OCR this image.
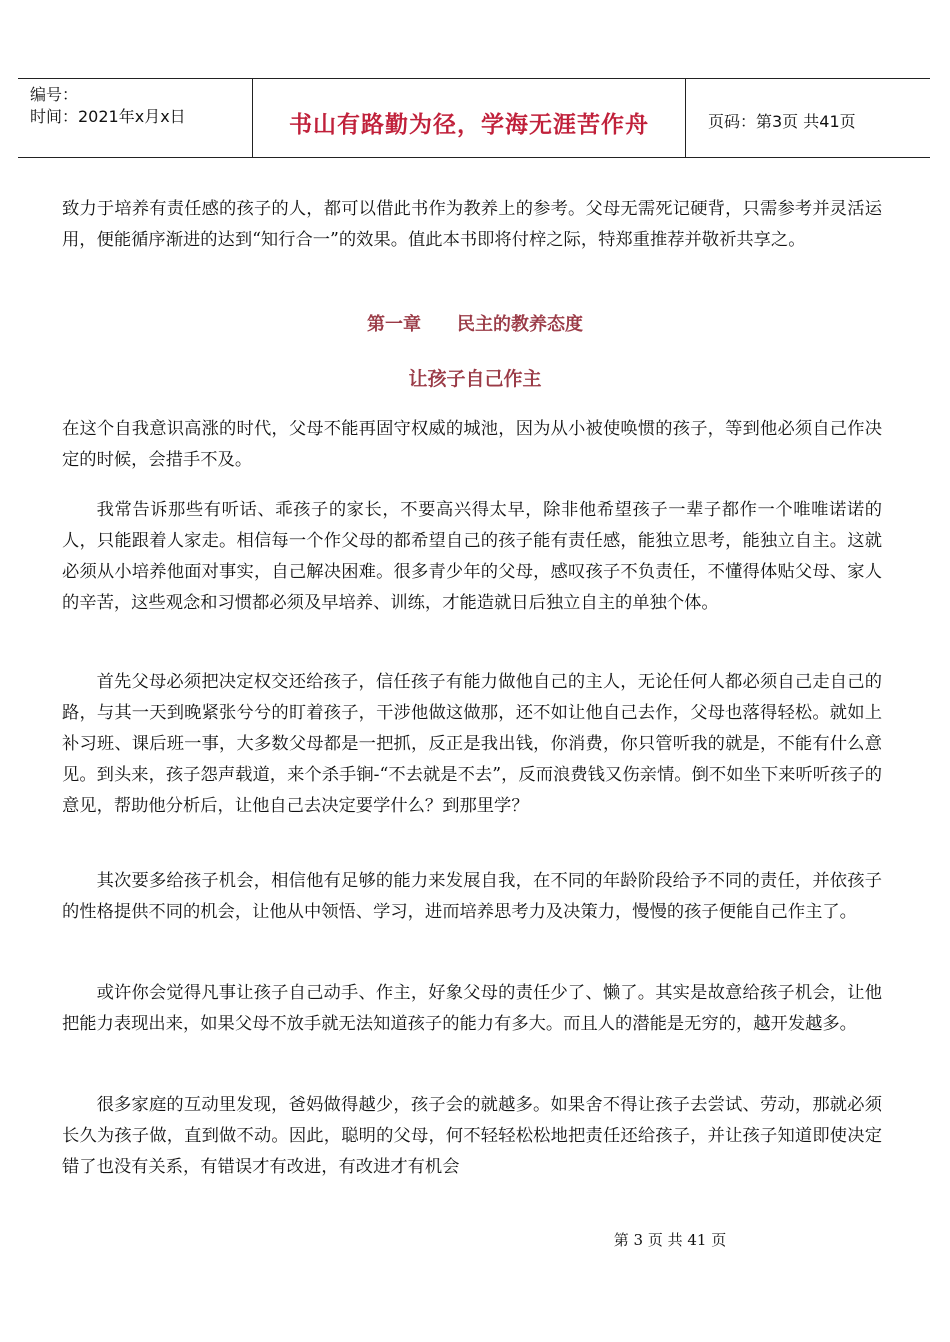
编号：
时间：2021年x月x日	书山有路勤为径，学海无涯苦作舟	页码：第3页 共41页

致力于培养有责任感的孩子的人，都可以借此书作为教养上的参考。父母无需死记硬背，只需参考并灵活运用，便能循序渐进的达到“知行合一”的效果。值此本书即将付梓之际，特郑重推荐并敬祈共享之。

第一章　　民主的教养态度
让孩子自己作主

在这个自我意识高涨的时代，父母不能再固守权威的城池，因为从小被使唤惯的孩子，等到他必须自己作决定的时候，会措手不及。

我常告诉那些有听话、乖孩子的家长，不要高兴得太早，除非他希望孩子一辈子都作一个唯唯诺诺的人，只能跟着人家走。相信每一个作父母的都希望自己的孩子能有责任感，能独立思考，能独立自主。这就必须从小培养他面对事实，自己解决困难。很多青少年的父母，感叹孩子不负责任，不懂得体贴父母、家人的辛苦，这些观念和习惯都必须及早培养、训练，才能造就日后独立自主的单独个体。

首先父母必须把决定权交还给孩子，信任孩子有能力做他自己的主人，无论任何人都必须自己走自己的路，与其一天到晚紧张兮兮的盯着孩子，干涉他做这做那，还不如让他自己去作，父母也落得轻松。就如上补习班、课后班一事，大多数父母都是一把抓，反正是我出钱，你消费，你只管听我的就是，不能有什么意见。到头来，孩子怨声载道，来个杀手锏-“不去就是不去”，反而浪费钱又伤亲情。倒不如坐下来听听孩子的意见，帮助他分析后，让他自己去决定要学什么？到那里学？

其次要多给孩子机会，相信他有足够的能力来发展自我，在不同的年龄阶段给予不同的责任，并依孩子的性格提供不同的机会，让他从中领悟、学习，进而培养思考力及决策力，慢慢的孩子便能自己作主了。

或许你会觉得凡事让孩子自己动手、作主，好象父母的责任少了、懒了。其实是故意给孩子机会，让他把能力表现出来，如果父母不放手就无法知道孩子的能力有多大。而且人的潜能是无穷的，越开发越多。

很多家庭的互动里发现，爸妈做得越少，孩子会的就越多。如果舍不得让孩子去尝试、劳动，那就必须长久为孩子做，直到做不动。因此，聪明的父母，何不轻轻松松地把责任还给孩子，并让孩子知道即使决定错了也没有关系，有错误才有改进，有改进才有机会

第 3 页 共 41 页
